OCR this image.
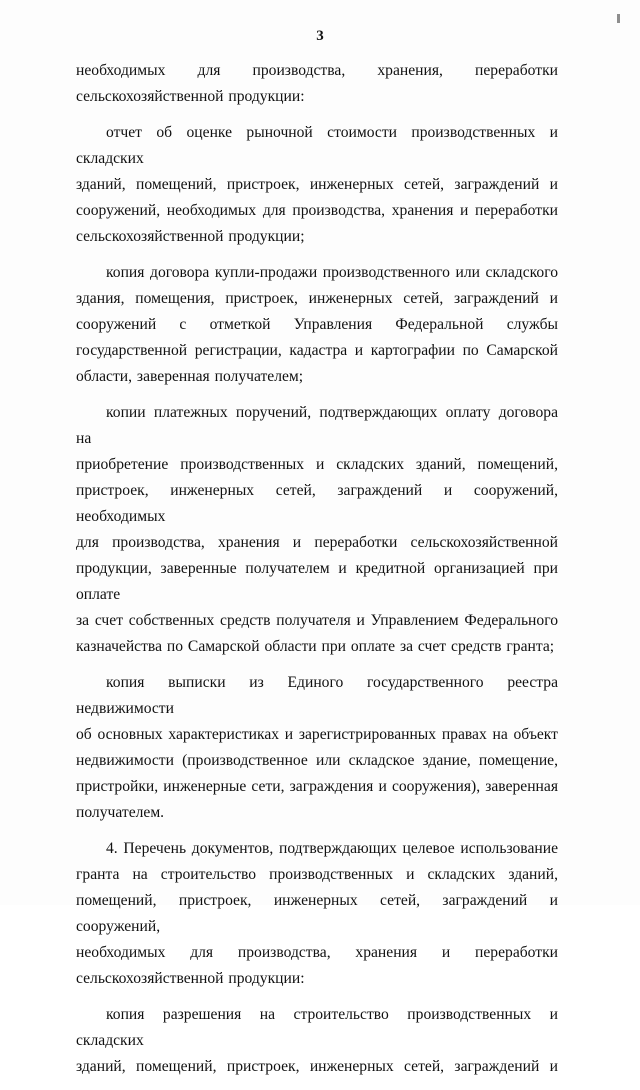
3

необходимых для производства, хранения, переработки
сельскохозяйственной продукции:

отчет об оценке рыночной стоимости производственных и складских
зданий, помещений, пристроек, инженерных сетей, заграждений и
сооружений, необходимых для производства, хранения и переработки
сельскохозяйственной продукции;

копия договора купли-продажи производственного или складского
здания, помещения, пристроек, инженерных сетей, заграждений и
сооружений с отметкой Управления Федеральной службы
государственной регистрации, кадастра и картографии по Самарской
области, заверенная получателем;

копии платежных поручений, подтверждающих оплату договора на
приобретение производственных и складских зданий, помещений,
пристроек, инженерных сетей, заграждений и сооружений, необходимых
для производства, хранения и переработки сельскохозяйственной
продукции, заверенные получателем и кредитной организацией при оплате
за счет собственных средств получателя и Управлением Федерального
казначейства по Самарской области при оплате за счет средств гранта;

копия выписки из Единого государственного реестра недвижимости
об основных характеристиках и зарегистрированных правах на объект
недвижимости (производственное или складское здание, помещение,
пристройки, инженерные сети, заграждения и сооружения), заверенная
получателем.

4. Перечень документов, подтверждающих целевое использование
гранта на строительство производственных и складских зданий,
помещений, пристроек, инженерных сетей, заграждений и сооружений,
необходимых для производства, хранения и переработки
сельскохозяйственной продукции:

копия разрешения на строительство производственных и складских
зданий, помещений, пристроек, инженерных сетей, заграждений и
